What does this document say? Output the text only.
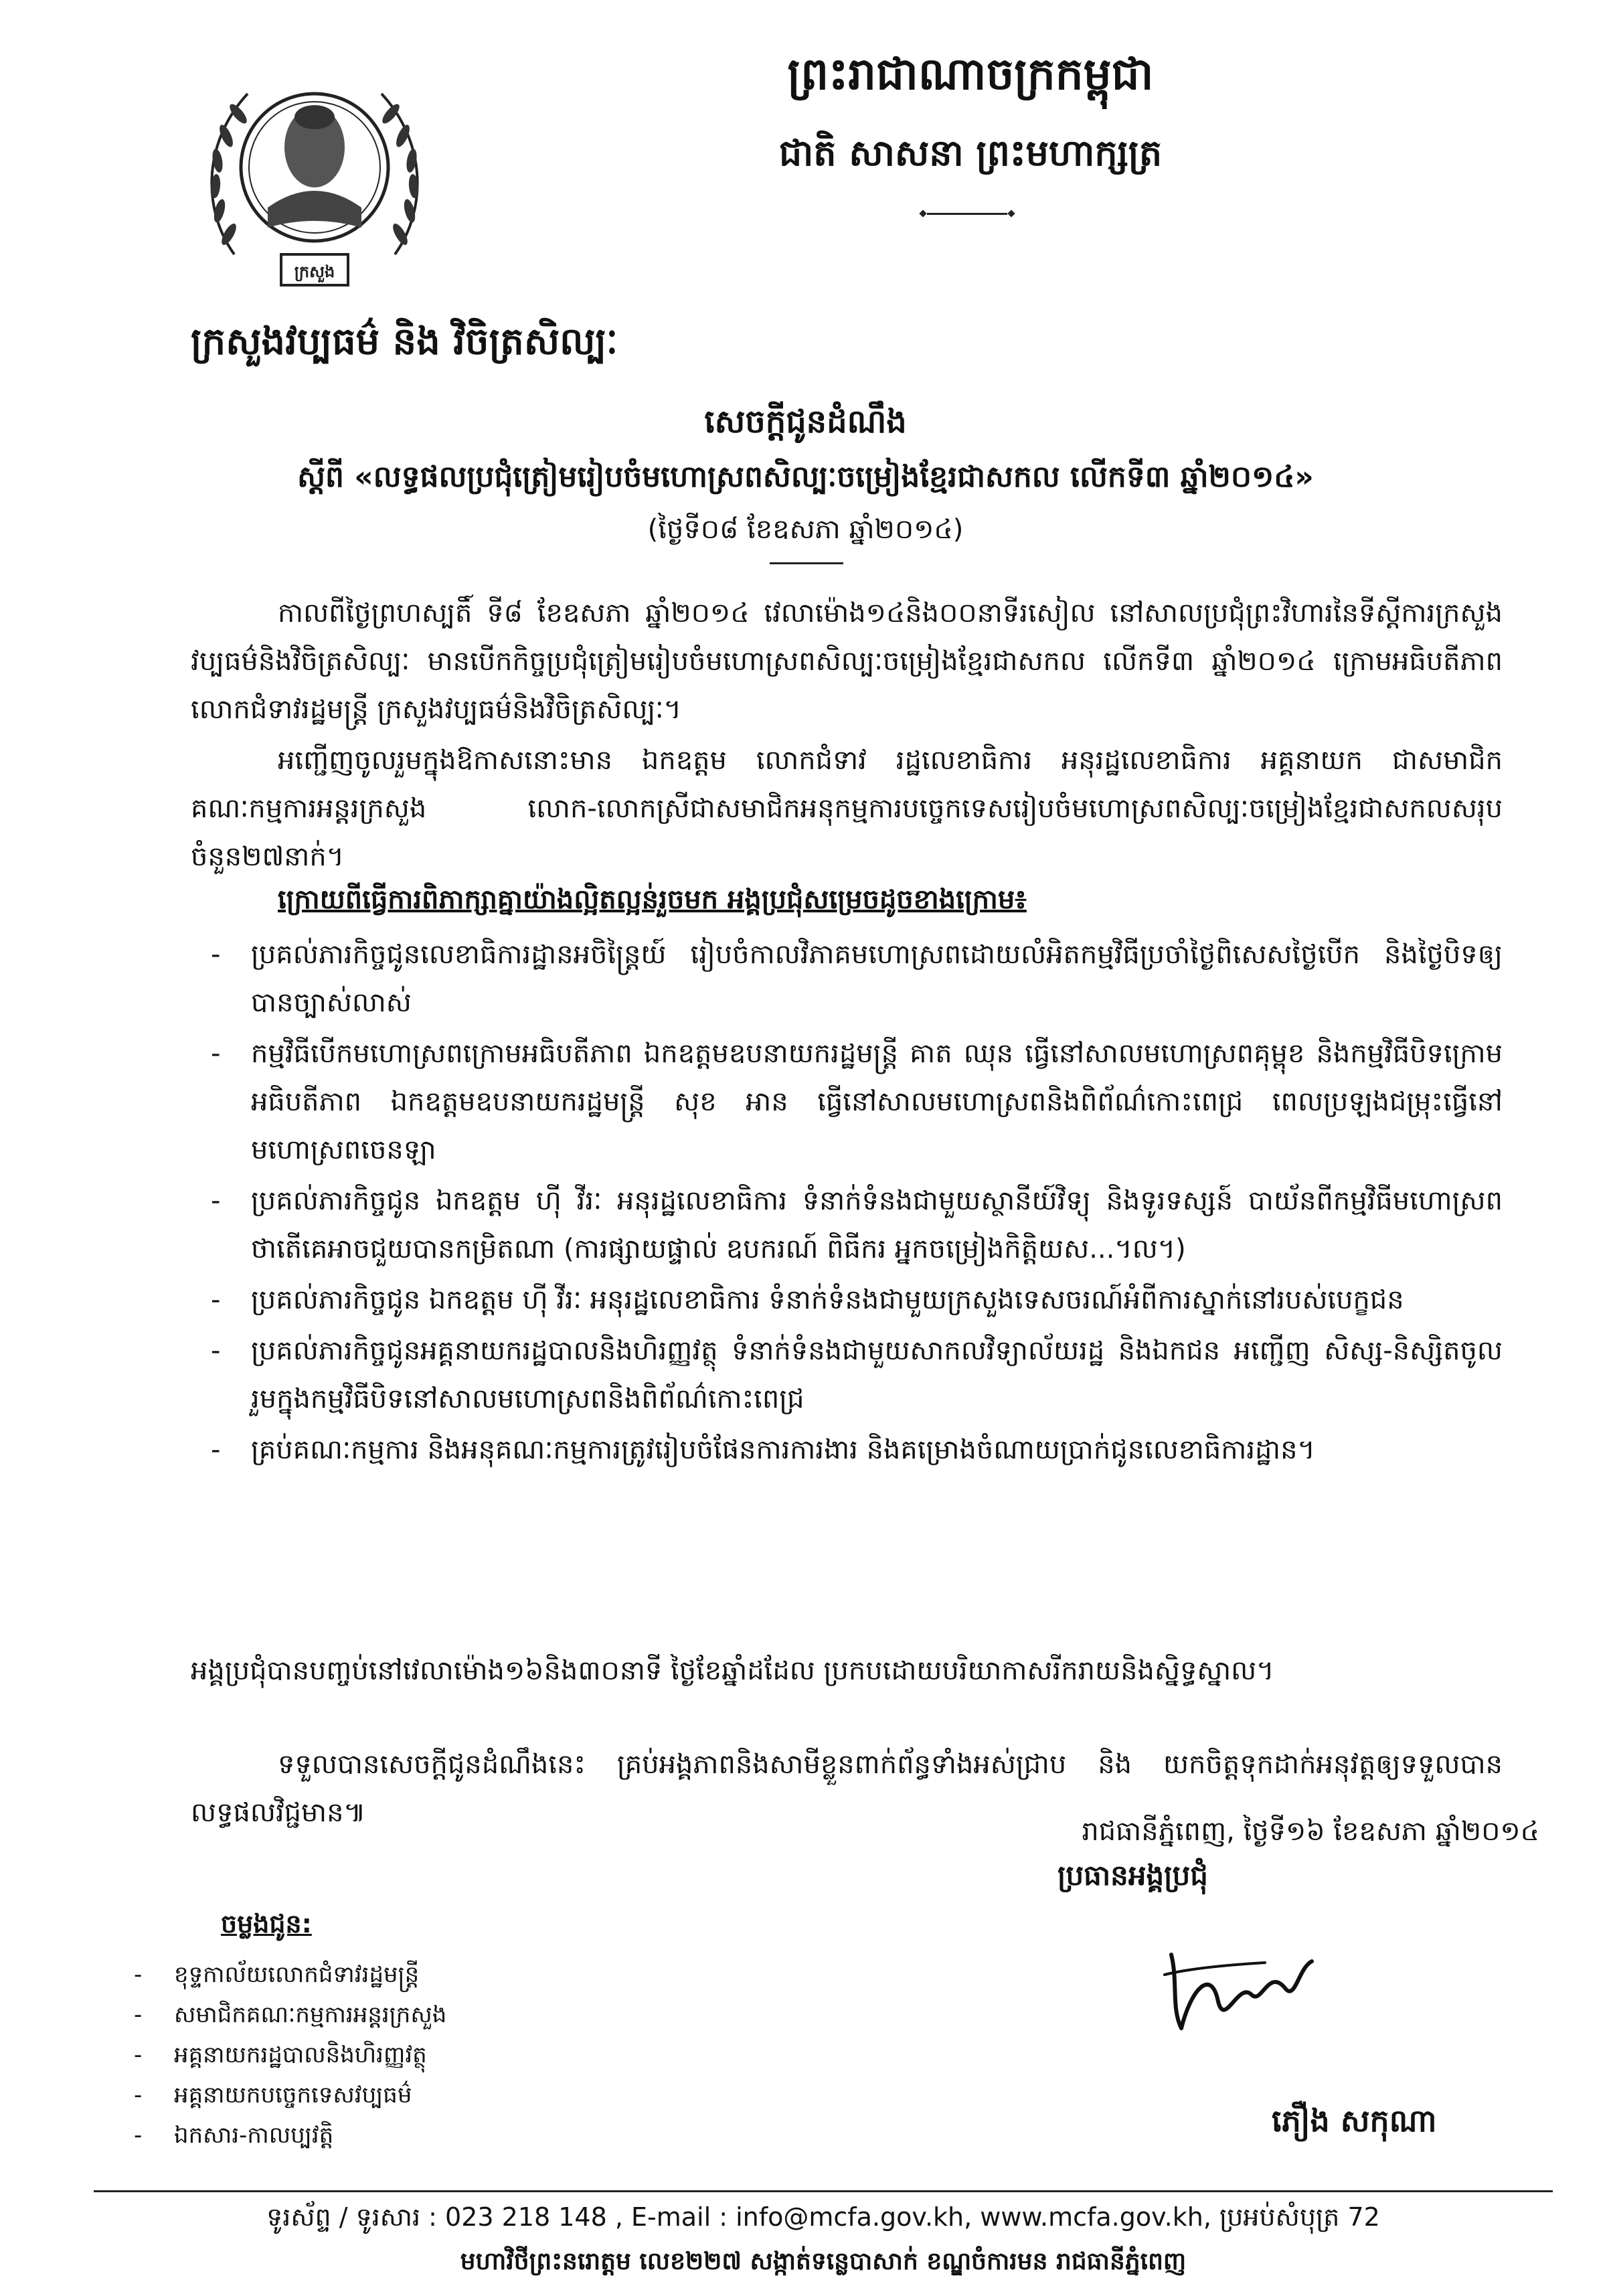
ក្រសួង
ព្រះរាជាណាចក្រកម្ពុជា
ជាតិ សាសនា ព្រះមហាក្សត្រ
ក្រសួងវប្បធម៌ និង វិចិត្រសិល្បៈ
សេចក្តីជូនដំណឹង
ស្តីពី «លទ្ធផលប្រជុំត្រៀមរៀបចំមហោស្រពសិល្បៈចម្រៀងខ្មែរជាសកល លើកទី៣ ឆ្នាំ២០១៤»
(ថ្ងៃទី០៨ ខែឧសភា ឆ្នាំ២០១៤)
កាលពីថ្ងៃព្រហស្បតិ៍ ទី៨ ខែឧសភា ឆ្នាំ២០១៤ វេលាម៉ោង១៤និង០០នាទីរសៀល នៅសាលប្រជុំព្រះវិហារនៃទីស្តីការក្រសួងវប្បធម៌និងវិចិត្រសិល្បៈ មានបើកកិច្ចប្រជុំត្រៀមរៀបចំមហោស្រពសិល្បៈចម្រៀងខ្មែរជាសកល លើកទី៣ ឆ្នាំ២០១៤ ក្រោមអធិបតីភាព លោកជំទាវរដ្ឋមន្ត្រី ក្រសួងវប្បធម៌និងវិចិត្រសិល្បៈ។
អញ្ជើញចូលរួមក្នុងឱកាសនោះមាន ឯកឧត្តម លោកជំទាវ រដ្ឋលេខាធិការ អនុរដ្ឋលេខាធិការ អគ្គនាយក ជាសមាជិកគណៈកម្មការអន្តរក្រសួង លោក-លោកស្រីជាសមាជិកអនុកម្មការបច្ចេកទេសរៀបចំមហោស្រពសិល្បៈចម្រៀងខ្មែរជាសកលសរុបចំនួន២៧នាក់។
ក្រោយពីធ្វើការពិភាក្សាគ្នាយ៉ាងល្អិតល្អន់រួចមក អង្គប្រជុំសម្រេចដូចខាងក្រោម៖
- ប្រគល់ភារកិច្ចជូនលេខាធិការដ្ឋានអចិន្ត្រៃយ៍ រៀបចំកាលវិភាគមហោស្រពដោយលំអិតកម្មវិធីប្រចាំថ្ងៃពិសេសថ្ងៃបើក និងថ្ងៃបិទឲ្យបានច្បាស់លាស់
- កម្មវិធីបើកមហោស្រពក្រោមអធិបតីភាព ឯកឧត្តមឧបនាយករដ្ឋមន្ត្រី គាត ឈុន ធ្វើនៅសាលមហោស្រពគុម្ពុខ និងកម្មវិធីបិទក្រោមអធិបតីភាព ឯកឧត្តមឧបនាយករដ្ឋមន្ត្រី សុខ អាន ធ្វើនៅសាលមហោស្រពនិងពិព័ណ៌កោះពេជ្រ ពេលប្រឡងជម្រុះធ្វើនៅមហោស្រពចេនឡា
- ប្រគល់ភារកិច្ចជូន ឯកឧត្តម ហ៊ី វីរៈ អនុរដ្ឋលេខាធិការ ទំនាក់ទំនងជាមួយស្ថានីយ៍វិទ្យុ និងទូរទស្សន៍ បាយ័នពីកម្មវិធីមហោស្រព ថាតើគេអាចជួយបានកម្រិតណា (ការផ្សាយផ្ទាល់ ឧបករណ៍ ពិធីករ អ្នកចម្រៀងកិត្តិយស...។ល។)
- ប្រគល់ភារកិច្ចជូន ឯកឧត្តម ហ៊ី វីរៈ អនុរដ្ឋលេខាធិការ ទំនាក់ទំនងជាមួយក្រសួងទេសចរណ៍អំពីការស្នាក់នៅរបស់បេក្ខជន
- ប្រគល់ភារកិច្ចជូនអគ្គនាយករដ្ឋបាលនិងហិរញ្ញវត្ថុ ទំនាក់ទំនងជាមួយសាកលវិទ្យាល័យរដ្ឋ និងឯកជន អញ្ជើញ សិស្ស-និស្សិតចូលរួមក្នុងកម្មវិធីបិទនៅសាលមហោស្រពនិងពិព័ណ៌កោះពេជ្រ
- គ្រប់គណៈកម្មការ និងអនុគណៈកម្មការត្រូវរៀបចំផែនការការងារ និងគម្រោងចំណាយប្រាក់ជូនលេខាធិការដ្ឋាន។
អង្គប្រជុំបានបញ្ចប់នៅវេលាម៉ោង១៦និង៣០នាទី ថ្ងៃខែឆ្នាំដដែល ប្រកបដោយបរិយាកាសរីករាយនិងស្និទ្ធស្នាល។
ទទួលបានសេចក្តីជូនដំណឹងនេះ គ្រប់អង្គភាពនិងសាមីខ្លួនពាក់ព័ន្ធទាំងអស់ជ្រាប និង យកចិត្តទុកដាក់អនុវត្តឲ្យទទួលបានលទ្ធផលវិជ្ជមាន៕
រាជធានីភ្នំពេញ, ថ្ងៃទី១៦ ខែឧសភា ឆ្នាំ២០១៤
ប្រធានអង្គប្រជុំ
ភឿង សកុណា
ចម្លងជូន:
- ខុទ្ទកាល័យលោកជំទាវរដ្ឋមន្ត្រី
- សមាជិកគណៈកម្មការអន្តរក្រសួង
- អគ្គនាយករដ្ឋបាលនិងហិរញ្ញវត្ថុ
- អគ្គនាយកបច្ចេកទេសវប្បធម៌
- ឯកសារ-កាលប្បវត្តិ
ទូរស័ព្ទ / ទូរសារ : 023 218 148 , E-mail : info@mcfa.gov.kh, www.mcfa.gov.kh, ប្រអប់សំបុត្រ 72
មហាវិថីព្រះនរោត្តម លេខ២២៧ សង្កាត់ទន្លេបាសាក់ ខណ្ឌចំការមន រាជធានីភ្នំពេញ
